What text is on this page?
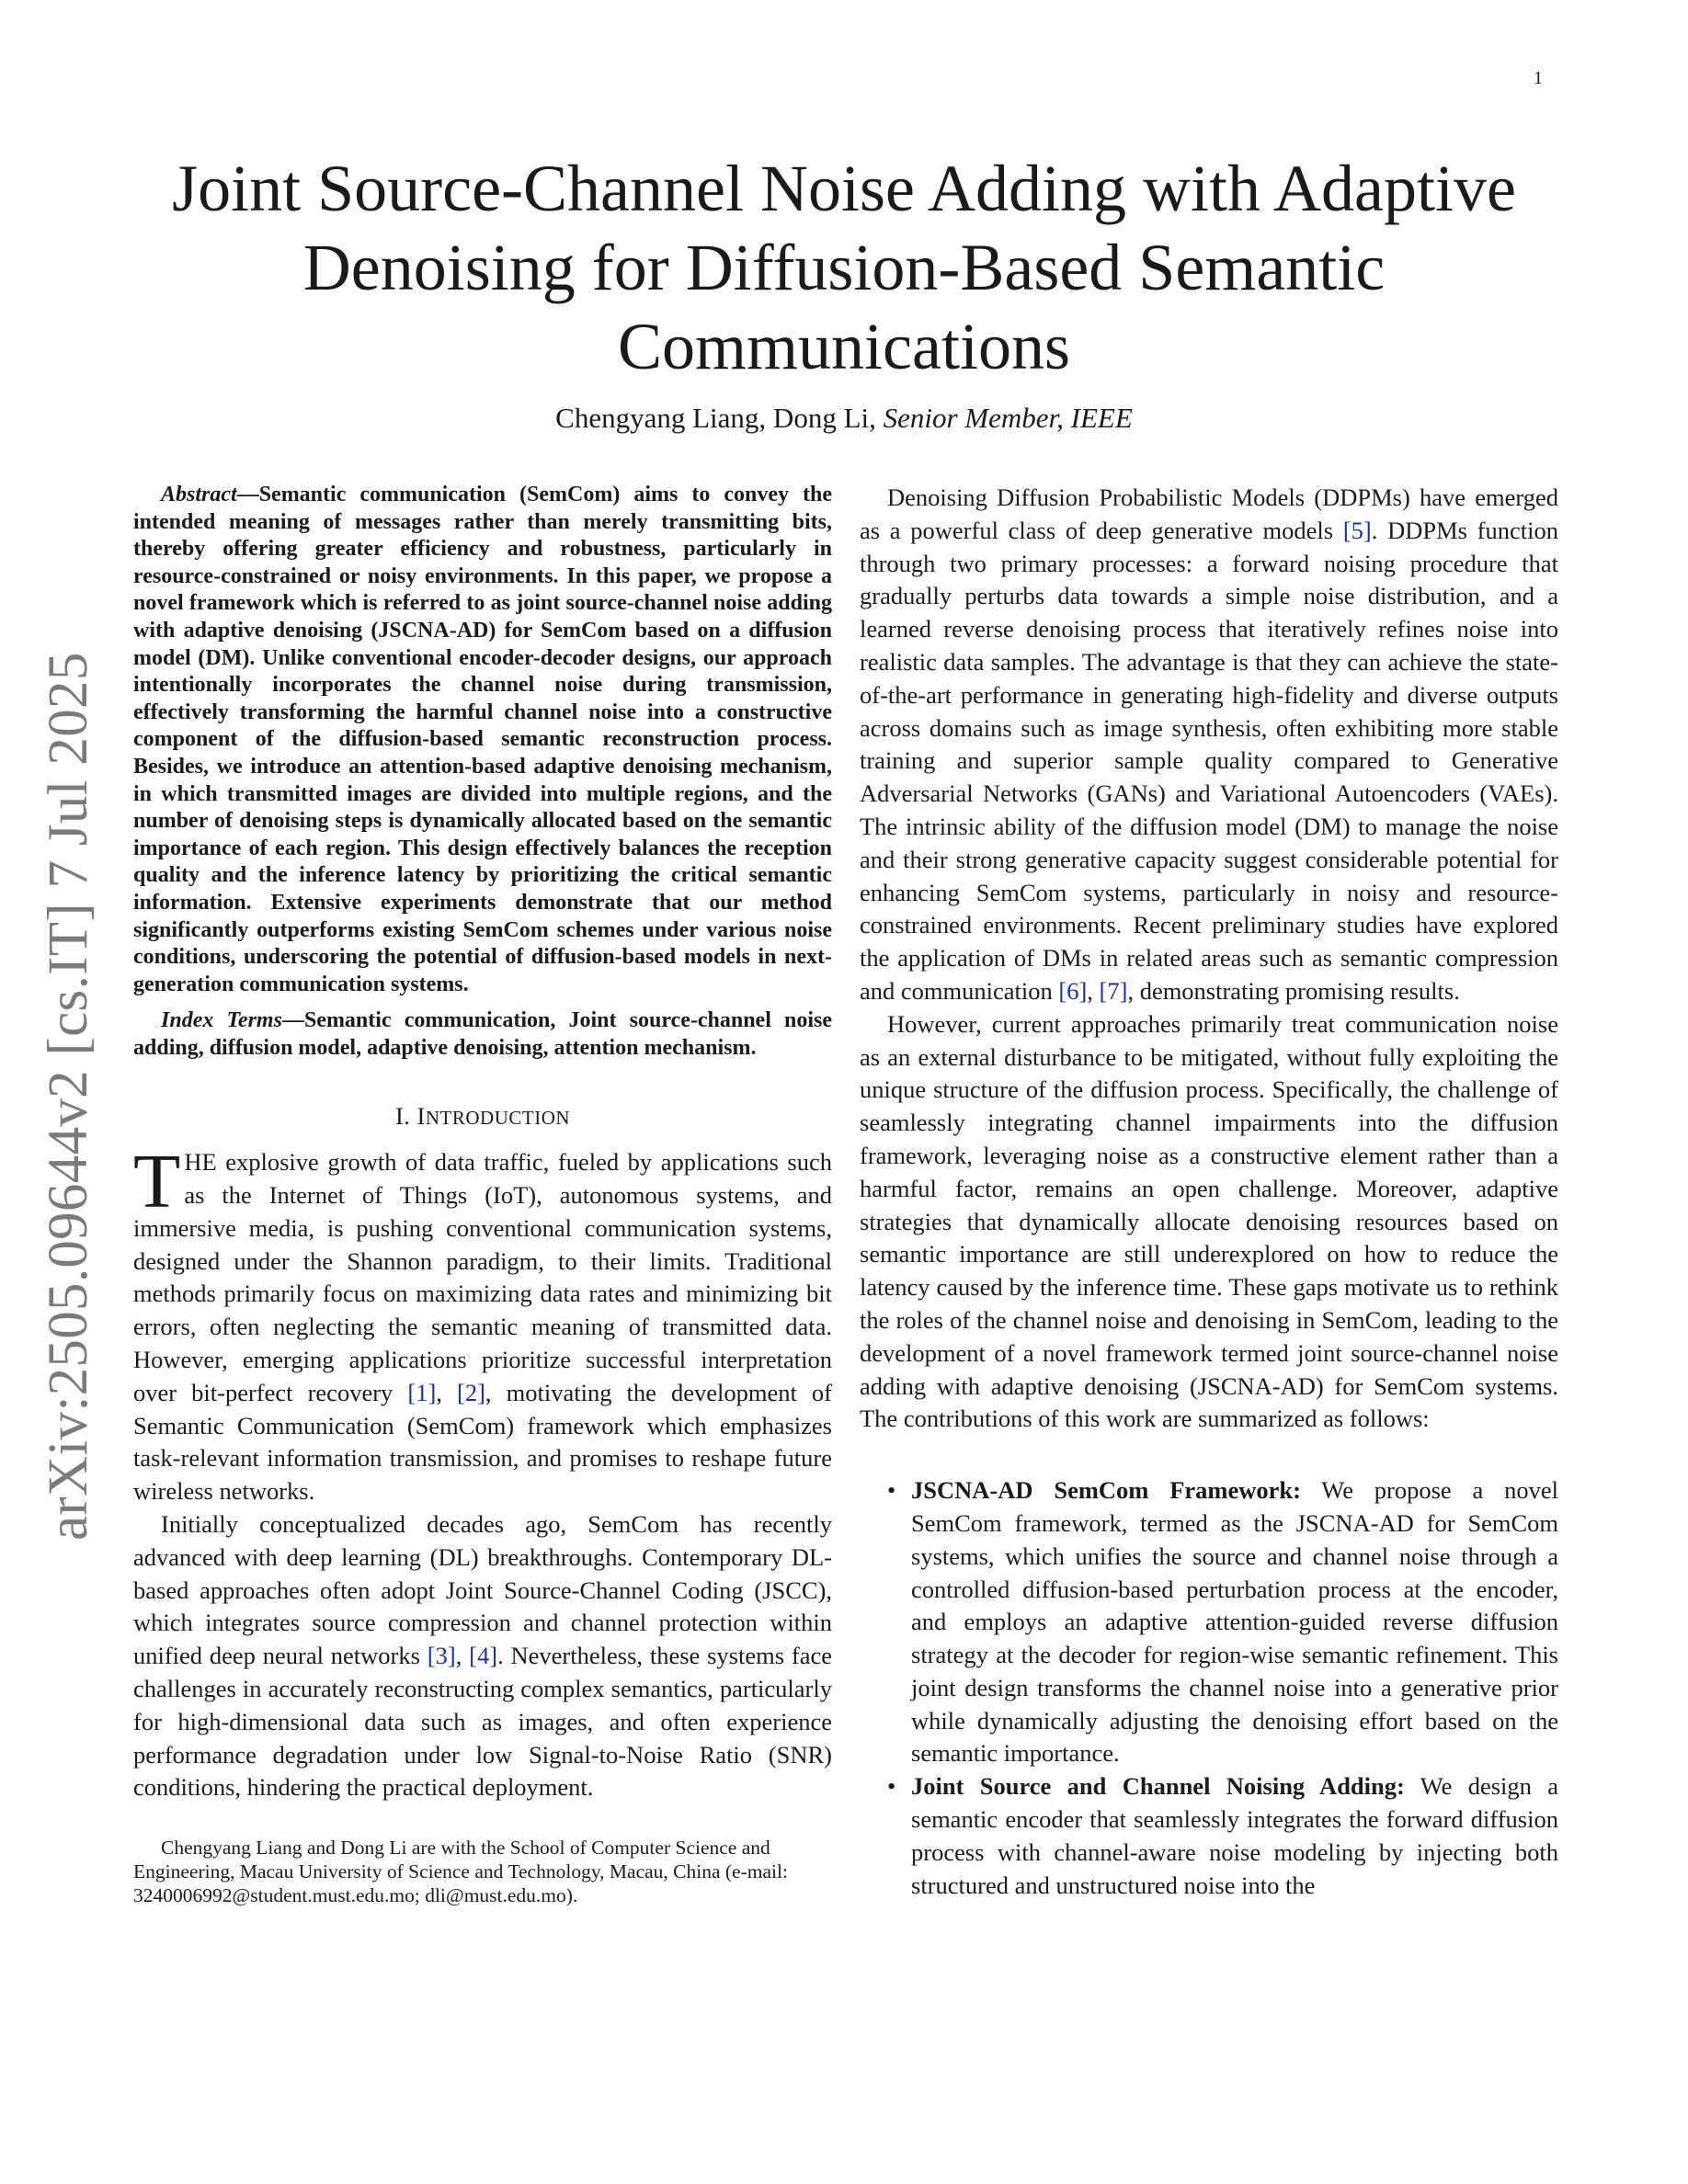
1
arXiv:2505.09644v2 [cs.IT] 7 Jul 2025
Joint Source-Channel Noise Adding with Adaptive Denoising for Diffusion-Based Semantic Communications
Chengyang Liang, Dong Li, Senior Member, IEEE

Abstract—Semantic communication (SemCom) aims to convey the intended meaning of messages rather than merely transmitting bits, thereby offering greater efficiency and robustness, particularly in resource-constrained or noisy environments. In this paper, we propose a novel framework which is referred to as joint source-channel noise adding with adaptive denoising (JSCNA-AD) for SemCom based on a diffusion model (DM). Unlike conventional encoder-decoder designs, our approach intentionally incorporates the channel noise during transmission, effectively transforming the harmful channel noise into a constructive component of the diffusion-based semantic reconstruction process. Besides, we introduce an attention-based adaptive denoising mechanism, in which transmitted images are divided into multiple regions, and the number of denoising steps is dynamically allocated based on the semantic importance of each region. This design effectively balances the reception quality and the inference latency by prioritizing the critical semantic information. Extensive experiments demonstrate that our method significantly outperforms existing SemCom schemes under various noise conditions, underscoring the potential of diffusion-based models in next-generation communication systems.

Index Terms—Semantic communication, Joint source-channel noise adding, diffusion model, adaptive denoising, attention mechanism.

I. INTRODUCTION

THE explosive growth of data traffic, fueled by applications such as the Internet of Things (IoT), autonomous systems, and immersive media, is pushing conventional communication systems, designed under the Shannon paradigm, to their limits. Traditional methods primarily focus on maximizing data rates and minimizing bit errors, often neglecting the semantic meaning of transmitted data. However, emerging applications prioritize successful interpretation over bit-perfect recovery [1], [2], motivating the development of Semantic Communication (SemCom) framework which emphasizes task-relevant information transmission, and promises to reshape future wireless networks.

Initially conceptualized decades ago, SemCom has recently advanced with deep learning (DL) breakthroughs. Contemporary DL-based approaches often adopt Joint Source-Channel Coding (JSCC), which integrates source compression and channel protection within unified deep neural networks [3], [4]. Nevertheless, these systems face challenges in accurately reconstructing complex semantics, particularly for high-dimensional data such as images, and often experience performance degradation under low Signal-to-Noise Ratio (SNR) conditions, hindering the practical deployment.

Chengyang Liang and Dong Li are with the School of Computer Science and Engineering, Macau University of Science and Technology, Macau, China (e-mail: 3240006992@student.must.edu.mo; dli@must.edu.mo).

Denoising Diffusion Probabilistic Models (DDPMs) have emerged as a powerful class of deep generative models [5]. DDPMs function through two primary processes: a forward noising procedure that gradually perturbs data towards a simple noise distribution, and a learned reverse denoising process that iteratively refines noise into realistic data samples. The advantage is that they can achieve the state-of-the-art performance in generating high-fidelity and diverse outputs across domains such as image synthesis, often exhibiting more stable training and superior sample quality compared to Generative Adversarial Networks (GANs) and Variational Autoencoders (VAEs). The intrinsic ability of the diffusion model (DM) to manage the noise and their strong generative capacity suggest considerable potential for enhancing SemCom systems, particularly in noisy and resource-constrained environments. Recent preliminary studies have explored the application of DMs in related areas such as semantic compression and communication [6], [7], demonstrating promising results.

However, current approaches primarily treat communication noise as an external disturbance to be mitigated, without fully exploiting the unique structure of the diffusion process. Specifically, the challenge of seamlessly integrating channel impairments into the diffusion framework, leveraging noise as a constructive element rather than a harmful factor, remains an open challenge. Moreover, adaptive strategies that dynamically allocate denoising resources based on semantic importance are still underexplored on how to reduce the latency caused by the inference time. These gaps motivate us to rethink the roles of the channel noise and denoising in SemCom, leading to the development of a novel framework termed joint source-channel noise adding with adaptive denoising (JSCNA-AD) for SemCom systems. The contributions of this work are summarized as follows:

• JSCNA-AD SemCom Framework: We propose a novel SemCom framework, termed as the JSCNA-AD for SemCom systems, which unifies the source and channel noise through a controlled diffusion-based perturbation process at the encoder, and employs an adaptive attention-guided reverse diffusion strategy at the decoder for region-wise semantic refinement. This joint design transforms the channel noise into a generative prior while dynamically adjusting the denoising effort based on the semantic importance.
• Joint Source and Channel Noising Adding: We design a semantic encoder that seamlessly integrates the forward diffusion process with channel-aware noise modeling by injecting both structured and unstructured noise into the
